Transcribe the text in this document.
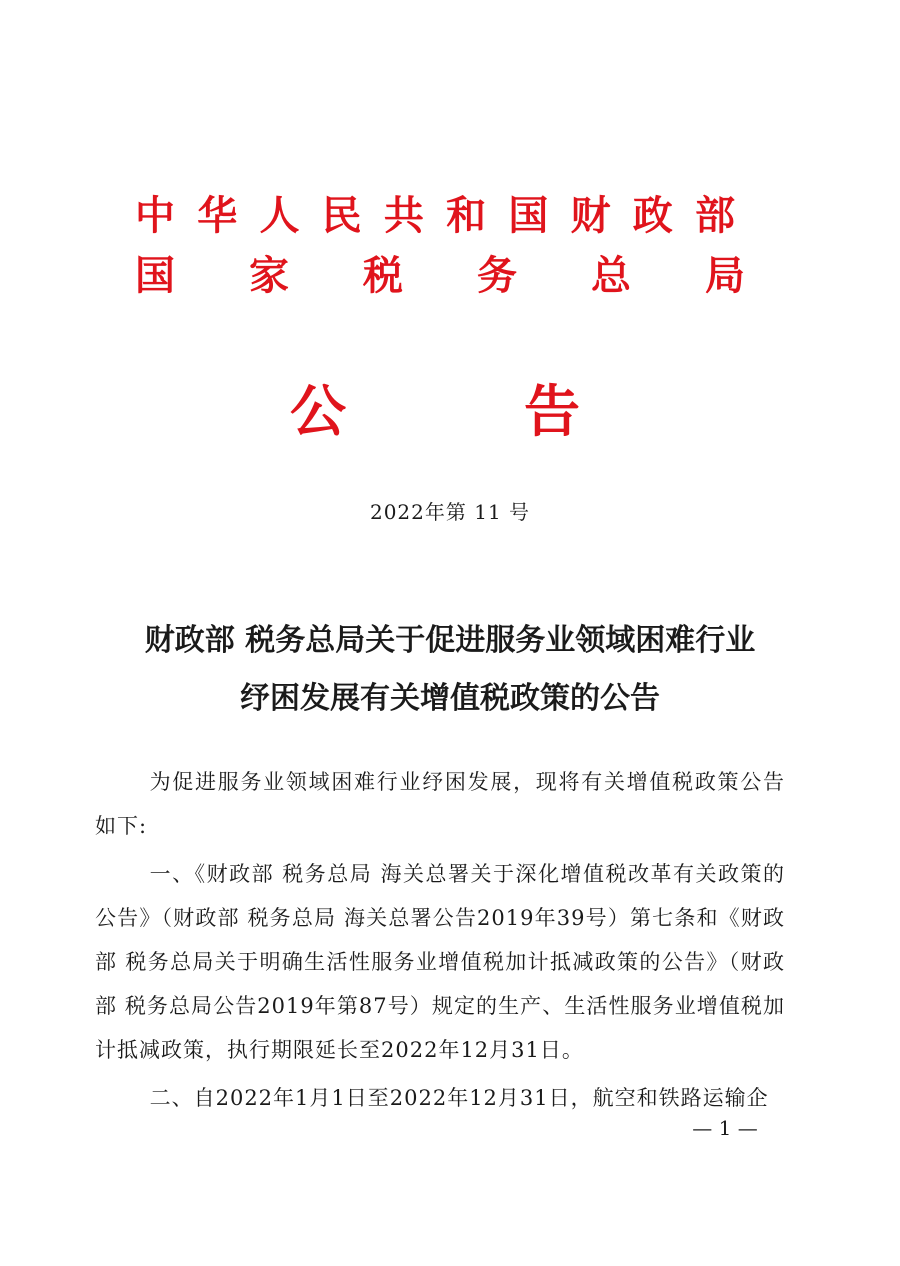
中 华 人 民 共 和 国 财 政 部
国 家 税 务 总 局
公	告
2022年第 11 号
财政部 税务总局关于促进服务业领域困难行业
纾困发展有关增值税政策的公告

为促进服务业领域困难行业纾困发展，现将有关增值税政策公告如下:

一、《财政部 税务总局 海关总署关于深化增值税改革有关政策的公告》（财政部 税务总局 海关总署公告2019年39号）第七条和《财政部 税务总局关于明确生活性服务业增值税加计抵减政策的公告》（财政部 税务总局公告2019年第87号）规定的生产、生活性服务业增值税加计抵减政策，执行期限延长至2022年12月31日。

二、自2022年1月1日至2022年12月31日，航空和铁路运输企

— 1 —
